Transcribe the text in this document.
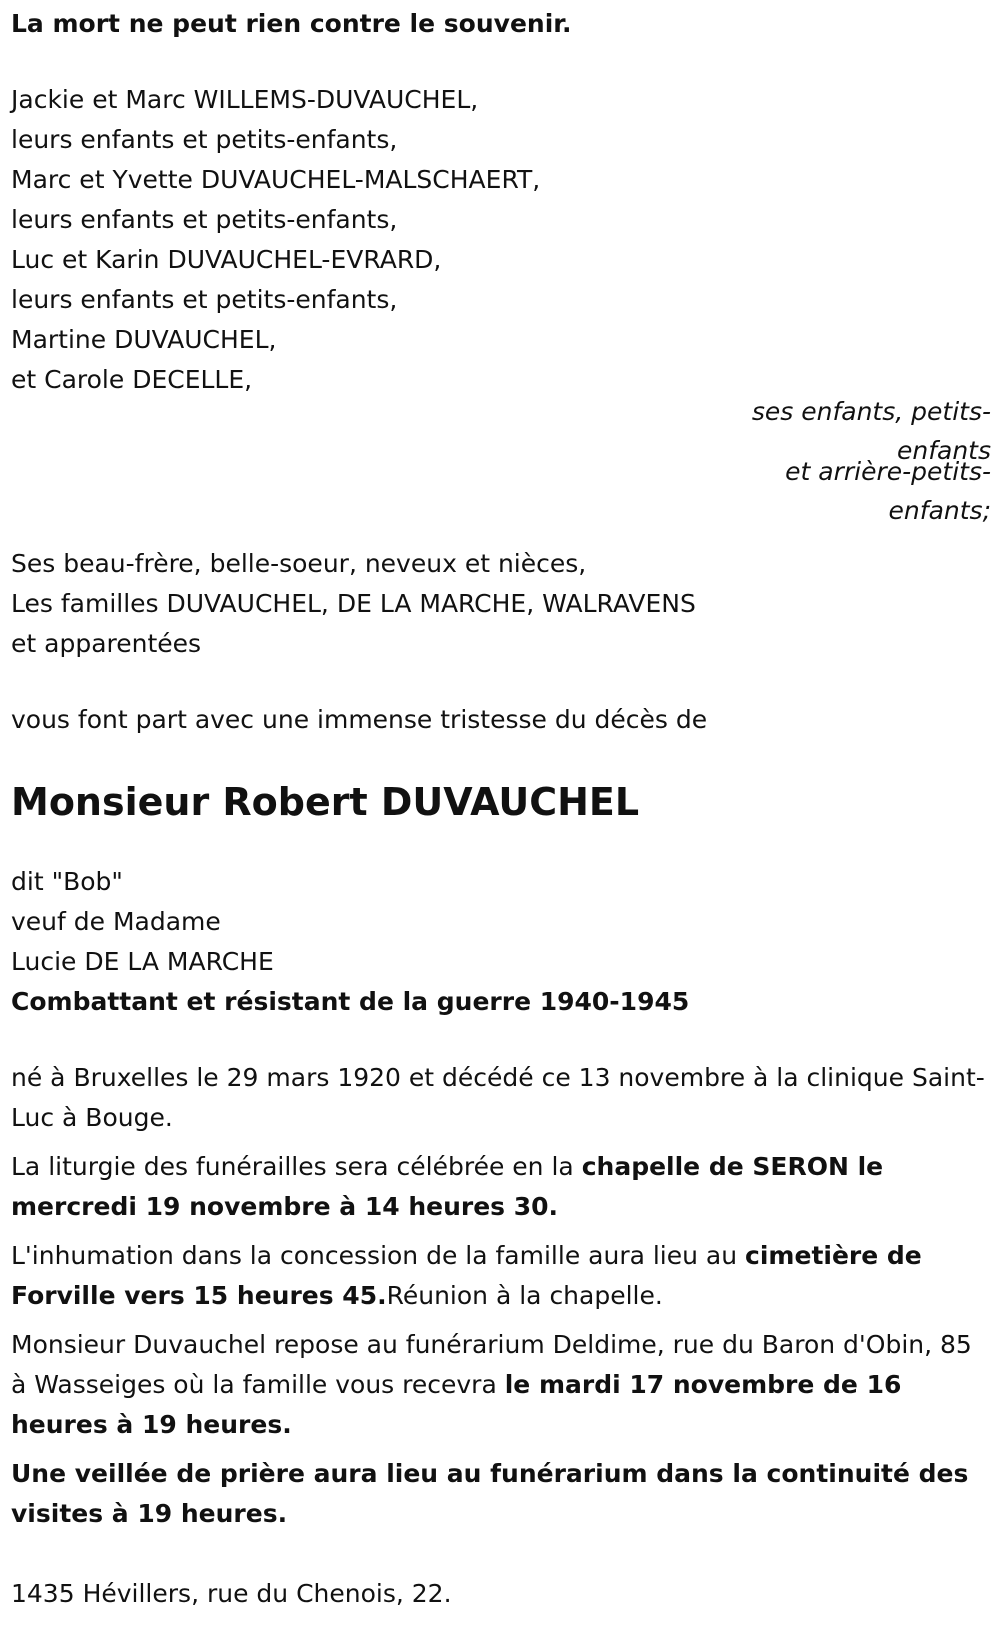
La mort ne peut rien contre le souvenir.

Jackie et Marc WILLEMS-DUVAUCHEL,

leurs enfants et petits-enfants,

Marc et Yvette DUVAUCHEL-MALSCHAERT,

leurs enfants et petits-enfants,

Luc et Karin DUVAUCHEL-EVRARD,

leurs enfants et petits-enfants,

Martine DUVAUCHEL,

et Carole DECELLE,

ses enfants, petits-enfants
et arrière-petits-enfants;

Ses beau-frère, belle-soeur, neveux et nièces,

Les familles DUVAUCHEL, DE LA MARCHE, WALRAVENS

et apparentées

vous font part avec une immense tristesse du décès de

Monsieur Robert DUVAUCHEL

dit "Bob"

veuf de Madame

Lucie DE LA MARCHE

Combattant et résistant de la guerre 1940-1945

né à Bruxelles le 29 mars 1920 et décédé ce 13 novembre à la clinique Saint-Luc à Bouge.

La liturgie des funérailles sera célébrée en la chapelle de SERON le mercredi 19 novembre à 14 heures 30.

L'inhumation dans la concession de la famille aura lieu au cimetière de Forville vers 15 heures 45.Réunion à la chapelle.

Monsieur Duvauchel repose au funérarium Deldime, rue du Baron d'Obin, 85 à Wasseiges où la famille vous recevra le mardi 17 novembre de 16 heures à 19 heures.

Une veillée de prière aura lieu au funérarium dans la continuité des visites à 19 heures.

1435 Hévillers, rue du Chenois, 22.
